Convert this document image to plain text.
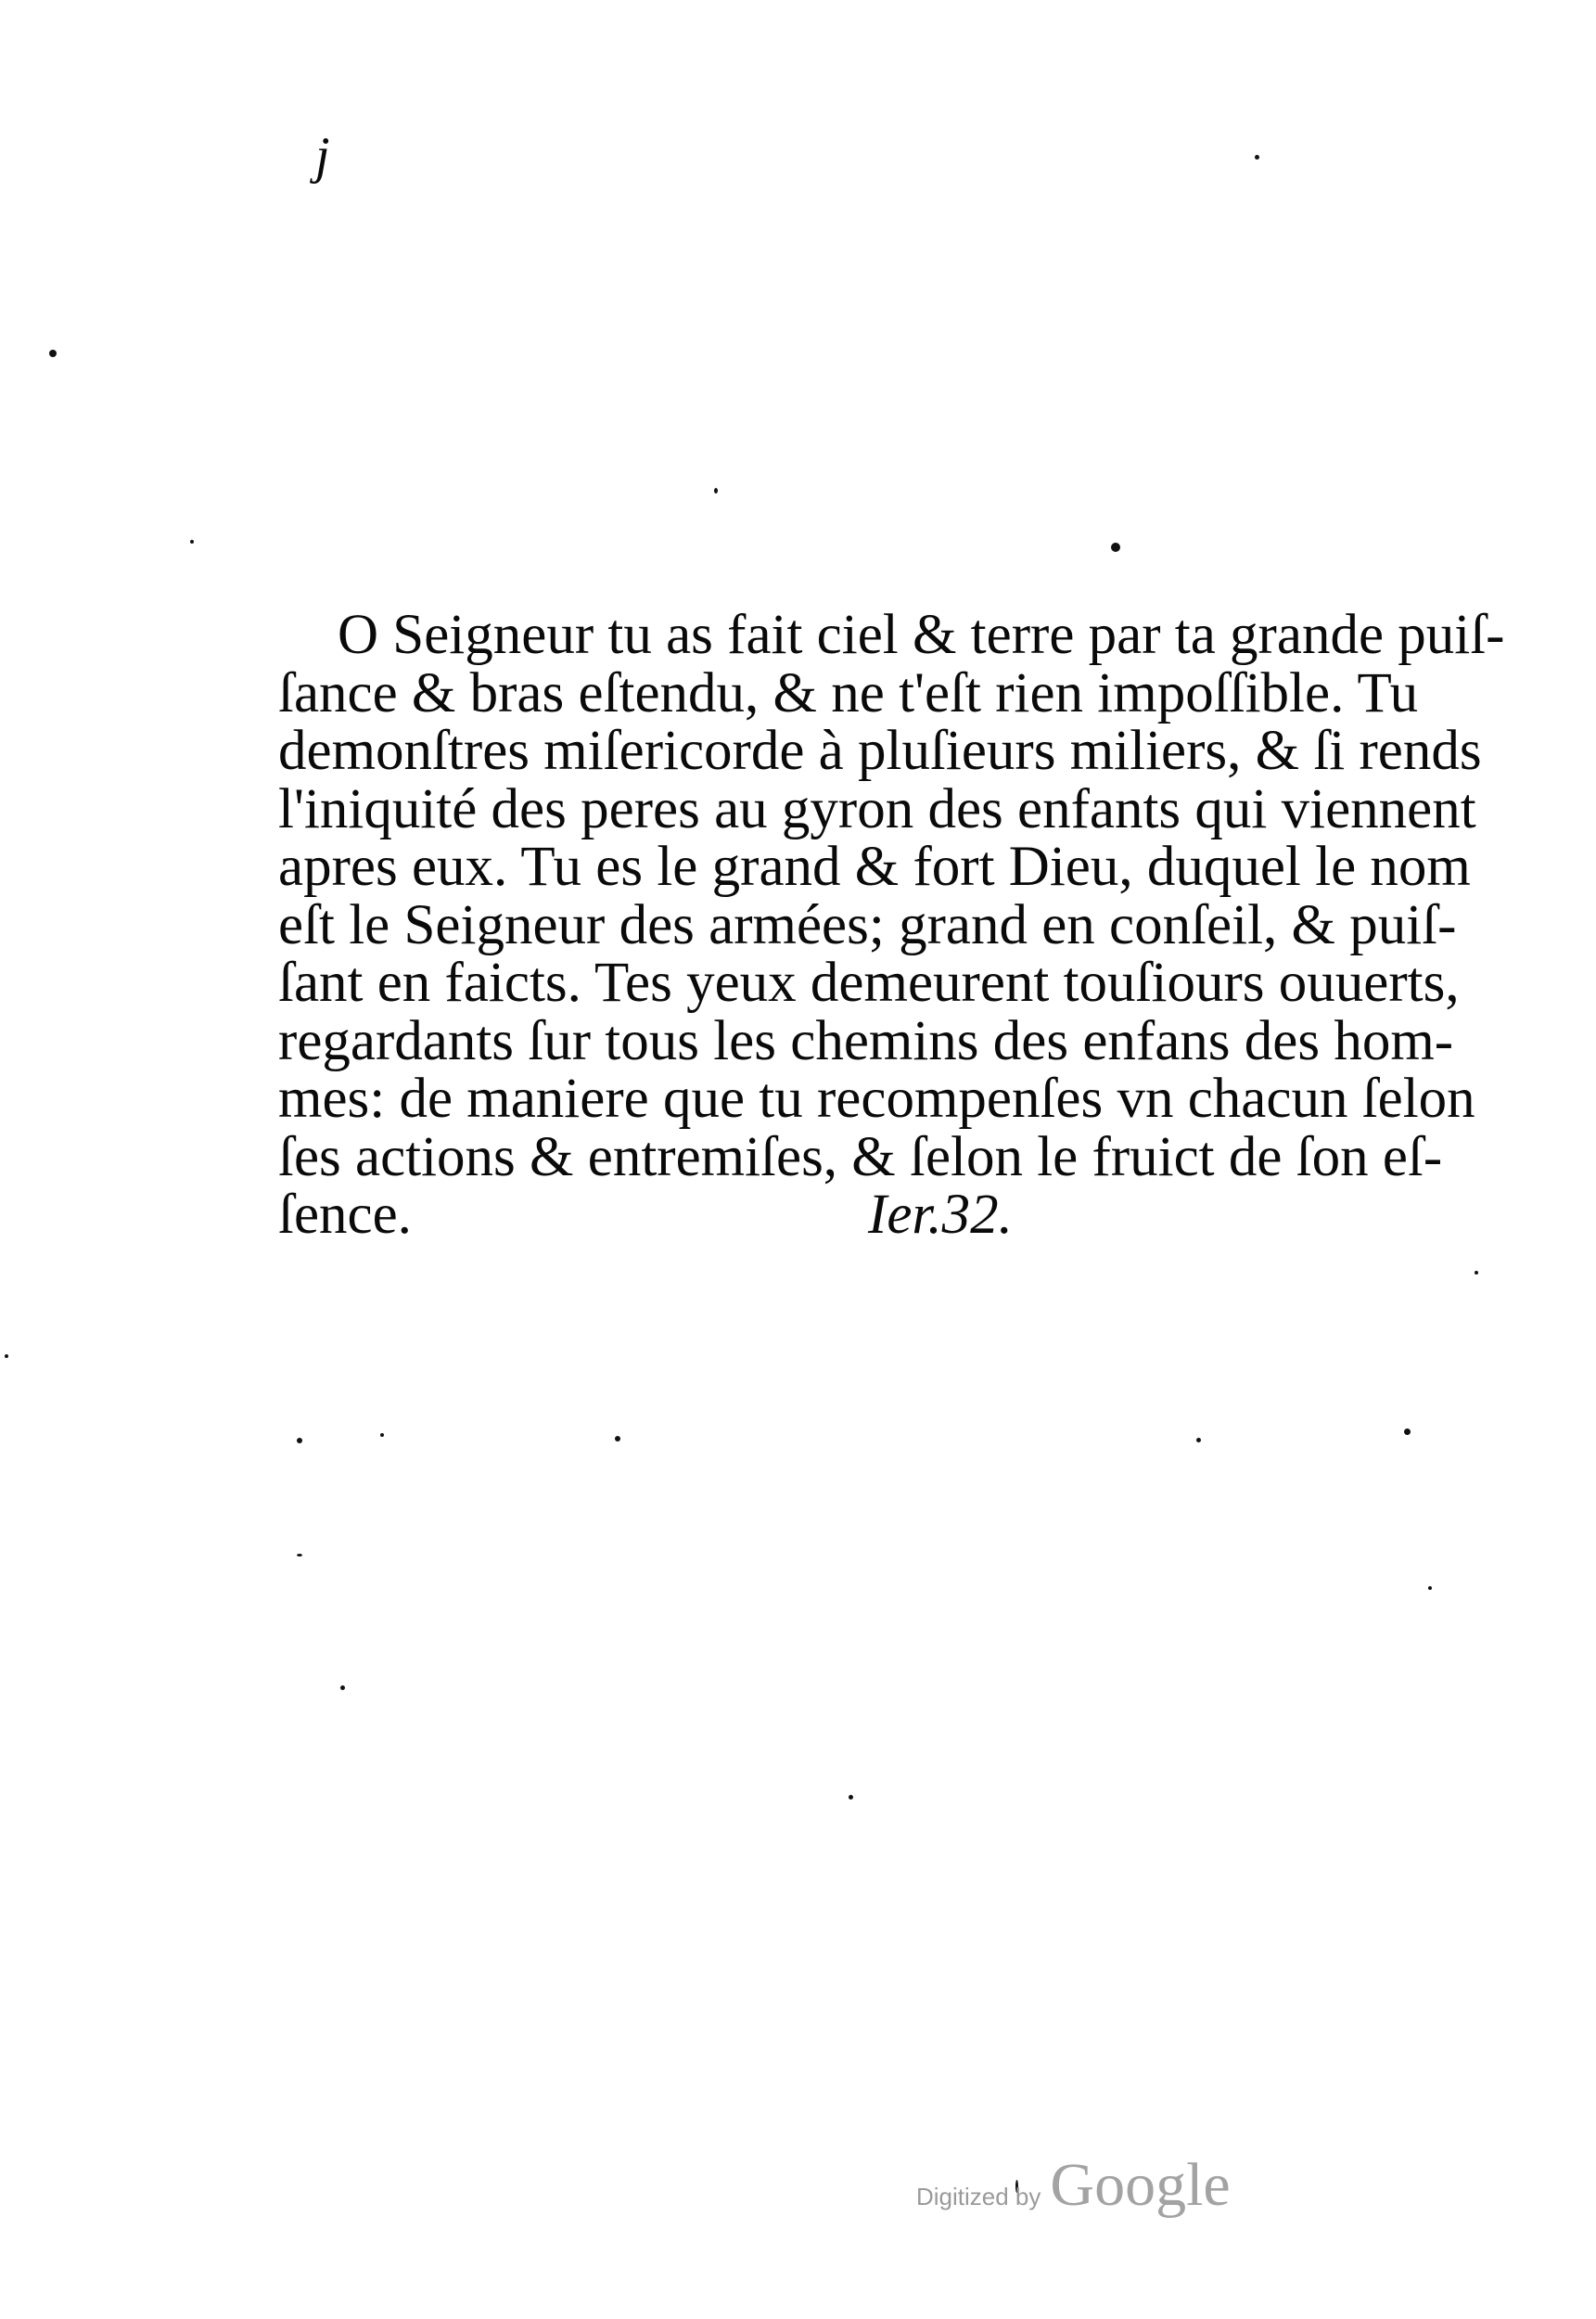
j
O Seigneur tu as fait ciel & terre par ta grande puiſ-
ſance & bras eſtendu, & ne t'eſt rien impoſſible. Tu
demonſtres miſericorde à pluſieurs miliers, & ſi rends
l'iniquité des peres au gyron des enfants qui viennent
apres eux. Tu es le grand & fort Dieu, duquel le nom
eſt le Seigneur des armées; grand en conſeil, & puiſ-
ſant en faicts. Tes yeux demeurent touſiours ouuerts,
regardants ſur tous les chemins des enfans des hom-
mes: de maniere que tu recompenſes vn chacun ſelon
ſes actions & entremiſes, & ſelon le fruict de ſon eſ-
ſence.	Ier.32.
Digitized by Google
